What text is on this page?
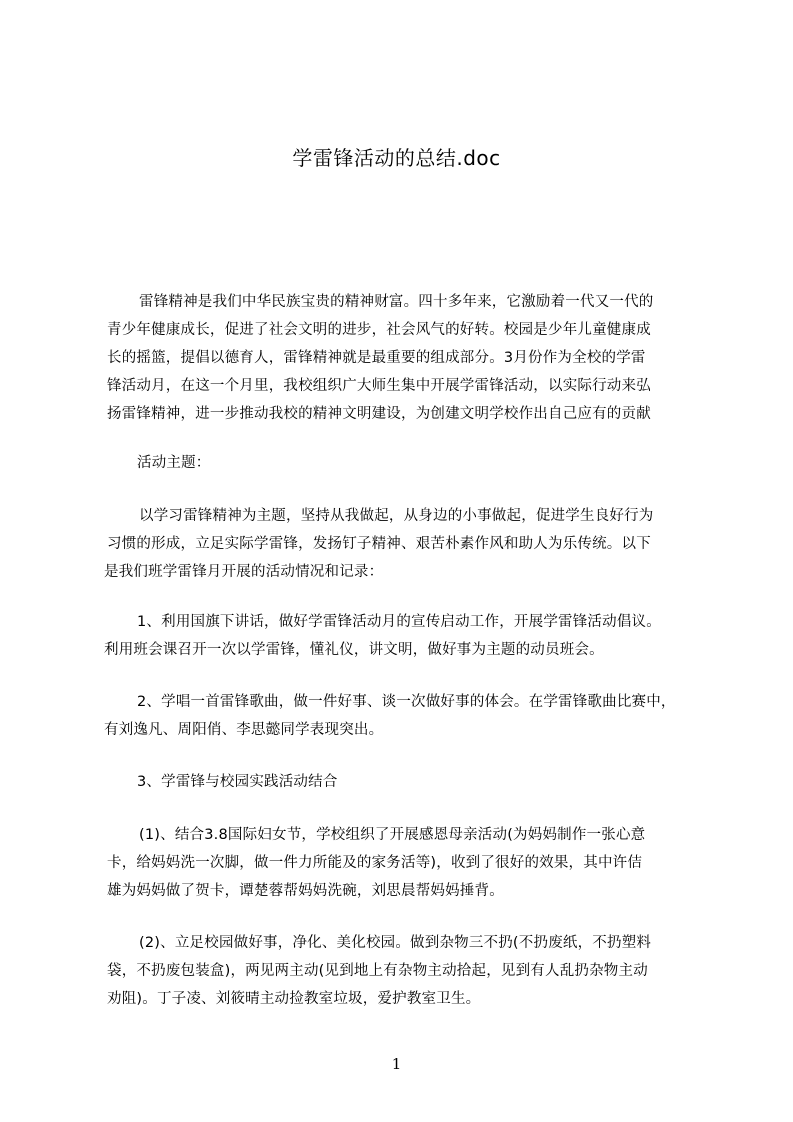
学雷锋活动的总结.doc
雷锋精神是我们中华民族宝贵的精神财富。四十多年来，它激励着一代又一代的
青少年健康成长，促进了社会文明的进步，社会风气的好转。校园是少年儿童健康成
长的摇篮，提倡以德育人，雷锋精神就是最重要的组成部分。3月份作为全校的学雷
锋活动月，在这一个月里，我校组织广大师生集中开展学雷锋活动，以实际行动来弘
扬雷锋精神，进一步推动我校的精神文明建设，为创建文明学校作出自己应有的贡献
活动主题：
以学习雷锋精神为主题，坚持从我做起，从身边的小事做起，促进学生良好行为
习惯的形成，立足实际学雷锋，发扬钉子精神、艰苦朴素作风和助人为乐传统。以下
是我们班学雷锋月开展的活动情况和记录：
1、利用国旗下讲话，做好学雷锋活动月的宣传启动工作，开展学雷锋活动倡议。
利用班会课召开一次以学雷锋，懂礼仪，讲文明，做好事为主题的动员班会。
2、学唱一首雷锋歌曲，做一件好事、谈一次做好事的体会。在学雷锋歌曲比赛中，
有刘逸凡、周阳俏、李思懿同学表现突出。
3、学雷锋与校园实践活动结合
(1)、结合3.8国际妇女节，学校组织了开展感恩母亲活动(为妈妈制作一张心意
卡，给妈妈洗一次脚，做一件力所能及的家务活等)，收到了很好的效果，其中许佶
雄为妈妈做了贺卡，谭楚蓉帮妈妈洗碗，刘思晨帮妈妈捶背。
(2)、立足校园做好事，净化、美化校园。做到杂物三不扔(不扔废纸，不扔塑料
袋，不扔废包装盒)，两见两主动(见到地上有杂物主动拾起，见到有人乱扔杂物主动
劝阻)。丁子凌、刘筱晴主动捡教室垃圾，爱护教室卫生。
1
